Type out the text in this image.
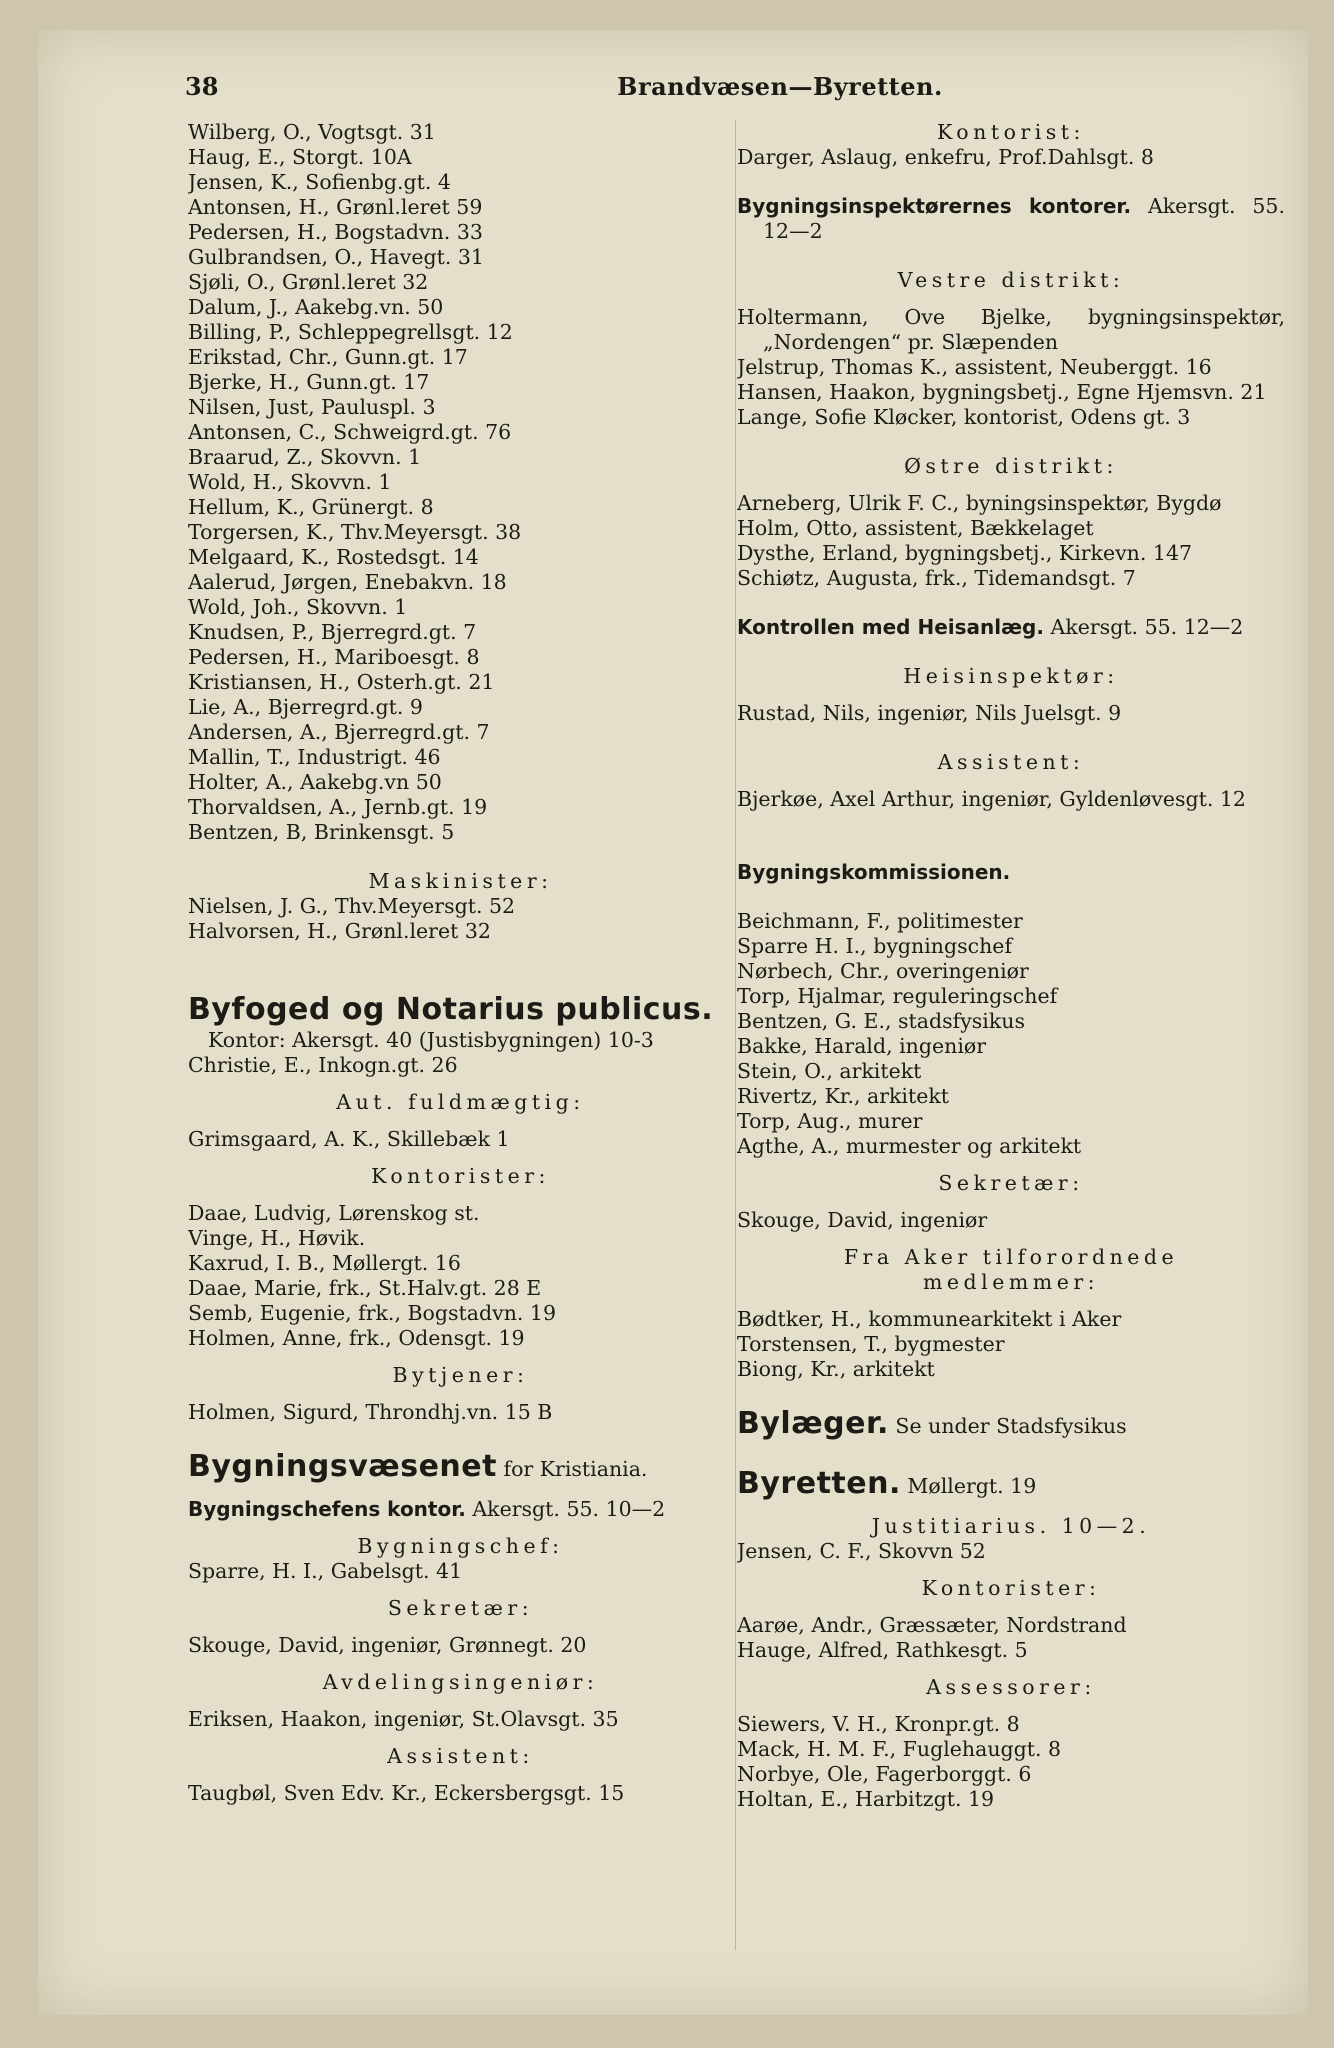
38	Brandvæsen—Byretten.
Wilberg, O., Vogtsgt. 31
Haug, E., Storgt. 10A
Jensen, K., Sofienbg.gt. 4
Antonsen, H., Grønl.leret 59
Pedersen, H., Bogstadvn. 33
Gulbrandsen, O., Havegt. 31
Sjøli, O., Grønl.leret 32
Dalum, J., Aakebg.vn. 50
Billing, P., Schleppegrellsgt. 12
Erikstad, Chr., Gunn.gt. 17
Bjerke, H., Gunn.gt. 17
Nilsen, Just, Pauluspl. 3
Antonsen, C., Schweigrd.gt. 76
Braarud, Z., Skovvn. 1
Wold, H., Skovvn. 1
Hellum, K., Grünergt. 8
Torgersen, K., Thv.Meyersgt. 38
Melgaard, K., Rostedsgt. 14
Aalerud, Jørgen, Enebakvn. 18
Wold, Joh., Skovvn. 1
Knudsen, P., Bjerregrd.gt. 7
Pedersen, H., Mariboesgt. 8
Kristiansen, H., Osterh.gt. 21
Lie, A., Bjerregrd.gt. 9
Andersen, A., Bjerregrd.gt. 7
Mallin, T., Industrigt. 46
Holter, A., Aakebg.vn 50
Thorvaldsen, A., Jernb.gt. 19
Bentzen, B, Brinkensgt. 5
Maskinister:
Nielsen, J. G., Thv.Meyersgt. 52
Halvorsen, H., Grønl.leret 32
Byfoged og Notarius publicus.
Kontor: Akersgt. 40 (Justisbygningen) 10-3
Christie, E., Inkogn.gt. 26
Aut. fuldmægtig:
Grimsgaard, A. K., Skillebæk 1
Kontorister:
Daae, Ludvig, Lørenskog st.
Vinge, H., Høvik.
Kaxrud, I. B., Møllergt. 16
Daae, Marie, frk., St.Halv.gt. 28 E
Semb, Eugenie, frk., Bogstadvn. 19
Holmen, Anne, frk., Odensgt. 19
Bytjener:
Holmen, Sigurd, Throndhj.vn. 15 B
Bygningsvæsenet for Kristiania.
Bygningschefens kontor. Akersgt. 55. 10—2
Bygningschef:
Sparre, H. I., Gabelsgt. 41
Sekretær:
Skouge, David, ingeniør, Grønnegt. 20
Avdelingsingeniør:
Eriksen, Haakon, ingeniør, St.Olavsgt. 35
Assistent:
Taugbøl, Sven Edv. Kr., Eckersbergsgt. 15
Kontorist:
Darger, Aslaug, enkefru, Prof.Dahlsgt. 8
Bygningsinspektørernes kontorer. Akersgt. 55. 12—2
Vestre distrikt:
Holtermann, Ove Bjelke, bygningsinspektør, „Nordengen“ pr. Slæpenden
Jelstrup, Thomas K., assistent, Neuberggt. 16
Hansen, Haakon, bygningsbetj., Egne Hjemsvn. 21
Lange, Sofie Kløcker, kontorist, Odens gt. 3
Østre distrikt:
Arneberg, Ulrik F. C., byningsinspektør, Bygdø
Holm, Otto, assistent, Bækkelaget
Dysthe, Erland, bygningsbetj., Kirkevn. 147
Schiøtz, Augusta, frk., Tidemandsgt. 7
Kontrollen med Heisanlæg. Akersgt. 55. 12—2
Heisinspektør:
Rustad, Nils, ingeniør, Nils Juelsgt. 9
Assistent:
Bjerkøe, Axel Arthur, ingeniør, Gyldenløvesgt. 12
Bygningskommissionen.
Beichmann, F., politimester
Sparre H. I., bygningschef
Nørbech, Chr., overingeniør
Torp, Hjalmar, reguleringschef
Bentzen, G. E., stadsfysikus
Bakke, Harald, ingeniør
Stein, O., arkitekt
Rivertz, Kr., arkitekt
Torp, Aug., murer
Agthe, A., murmester og arkitekt
Sekretær:
Skouge, David, ingeniør
Fra Aker tilforordnede
medlemmer:
Bødtker, H., kommunearkitekt i Aker
Torstensen, T., bygmester
Biong, Kr., arkitekt
Bylæger. Se under Stadsfysikus
Byretten. Møllergt. 19
Justitiarius. 10—2.
Jensen, C. F., Skovvn 52
Kontorister:
Aarøe, Andr., Græssæter, Nordstrand
Hauge, Alfred, Rathkesgt. 5
Assessorer:
Siewers, V. H., Kronpr.gt. 8
Mack, H. M. F., Fuglehauggt. 8
Norbye, Ole, Fagerborggt. 6
Holtan, E., Harbitzgt. 19
